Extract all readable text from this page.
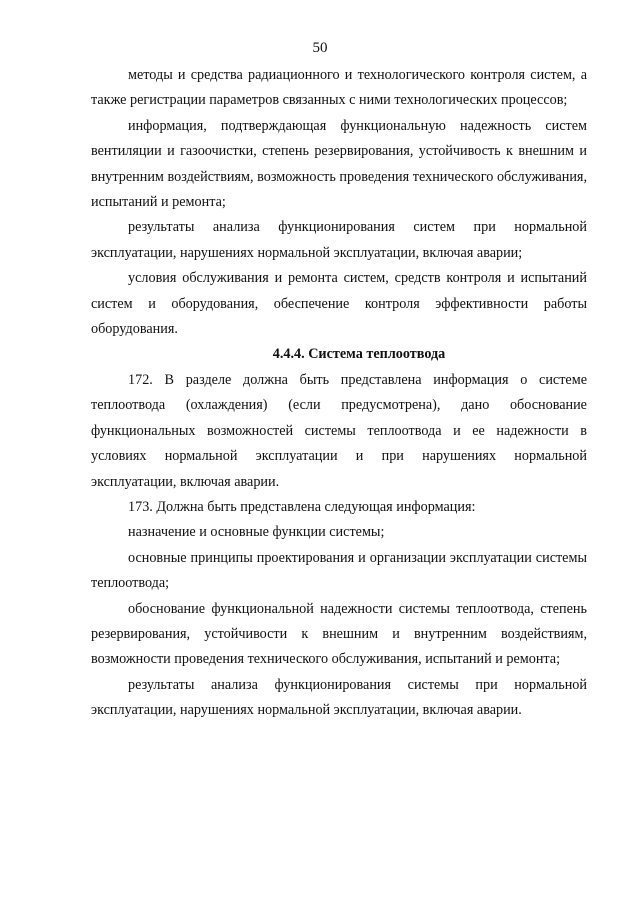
50

методы и средства радиационного и технологического контроля систем, а также регистрации параметров связанных с ними технологических процессов;

информация, подтверждающая функциональную надежность систем вентиляции и газоочистки, степень резервирования, устойчивость к внешним и внутренним воздействиям, возможность проведения технического обслуживания, испытаний и ремонта;

результаты анализа функционирования систем при нормальной эксплуатации, нарушениях нормальной эксплуатации, включая аварии;

условия обслуживания и ремонта систем, средств контроля и испытаний систем и оборудования, обеспечение контроля эффективности работы оборудования.

4.4.4. Система теплоотвода

172. В разделе должна быть представлена информация о системе теплоотвода (охлаждения) (если предусмотрена), дано обоснование функциональных возможностей системы теплоотвода и ее надежности в условиях нормальной эксплуатации и при нарушениях нормальной эксплуатации, включая аварии.

173. Должна быть представлена следующая информация:

назначение и основные функции системы;

основные принципы проектирования и организации эксплуатации системы теплоотвода;

обоснование функциональной надежности системы теплоотвода, степень резервирования, устойчивости к внешним и внутренним воздействиям, возможности проведения технического обслуживания, испытаний и ремонта;

результаты анализа функционирования системы при нормальной эксплуатации, нарушениях нормальной эксплуатации, включая аварии.
